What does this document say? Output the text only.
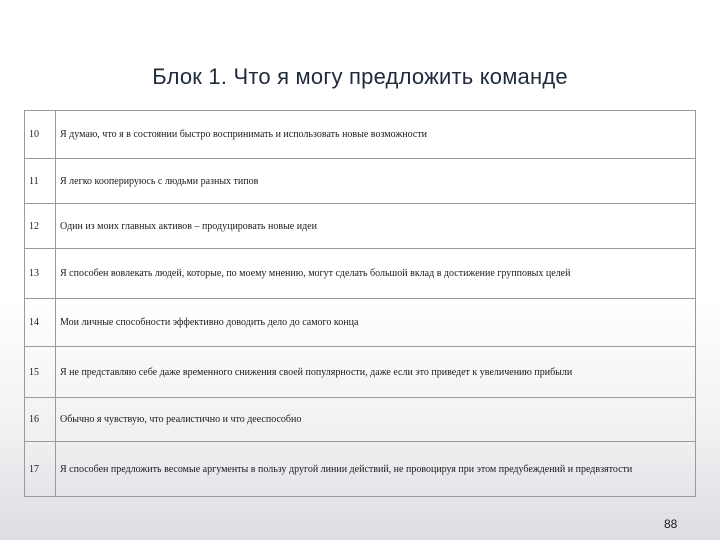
Блок 1. Что я могу предложить команде
10	Я думаю, что я в состоянии быстро воспринимать и использовать новые возможности
11	Я легко кооперируюсь с людьми разных типов
12	Один из моих главных активов – продуцировать новые идеи
13	Я способен вовлекать людей, которые, по моему мнению, могут сделать большой вклад в достижение групповых целей
14	Мои личные способности эффективно доводить дело до самого конца
15	Я не представляю себе даже временного снижения своей популярности, даже если это приведет к увеличению прибыли
16	Обычно я чувствую, что реалистично и что дееспособно
17	Я способен предложить весомые аргументы в пользу другой линии действий, не провоцируя при этом предубеждений и предвзятости
88
